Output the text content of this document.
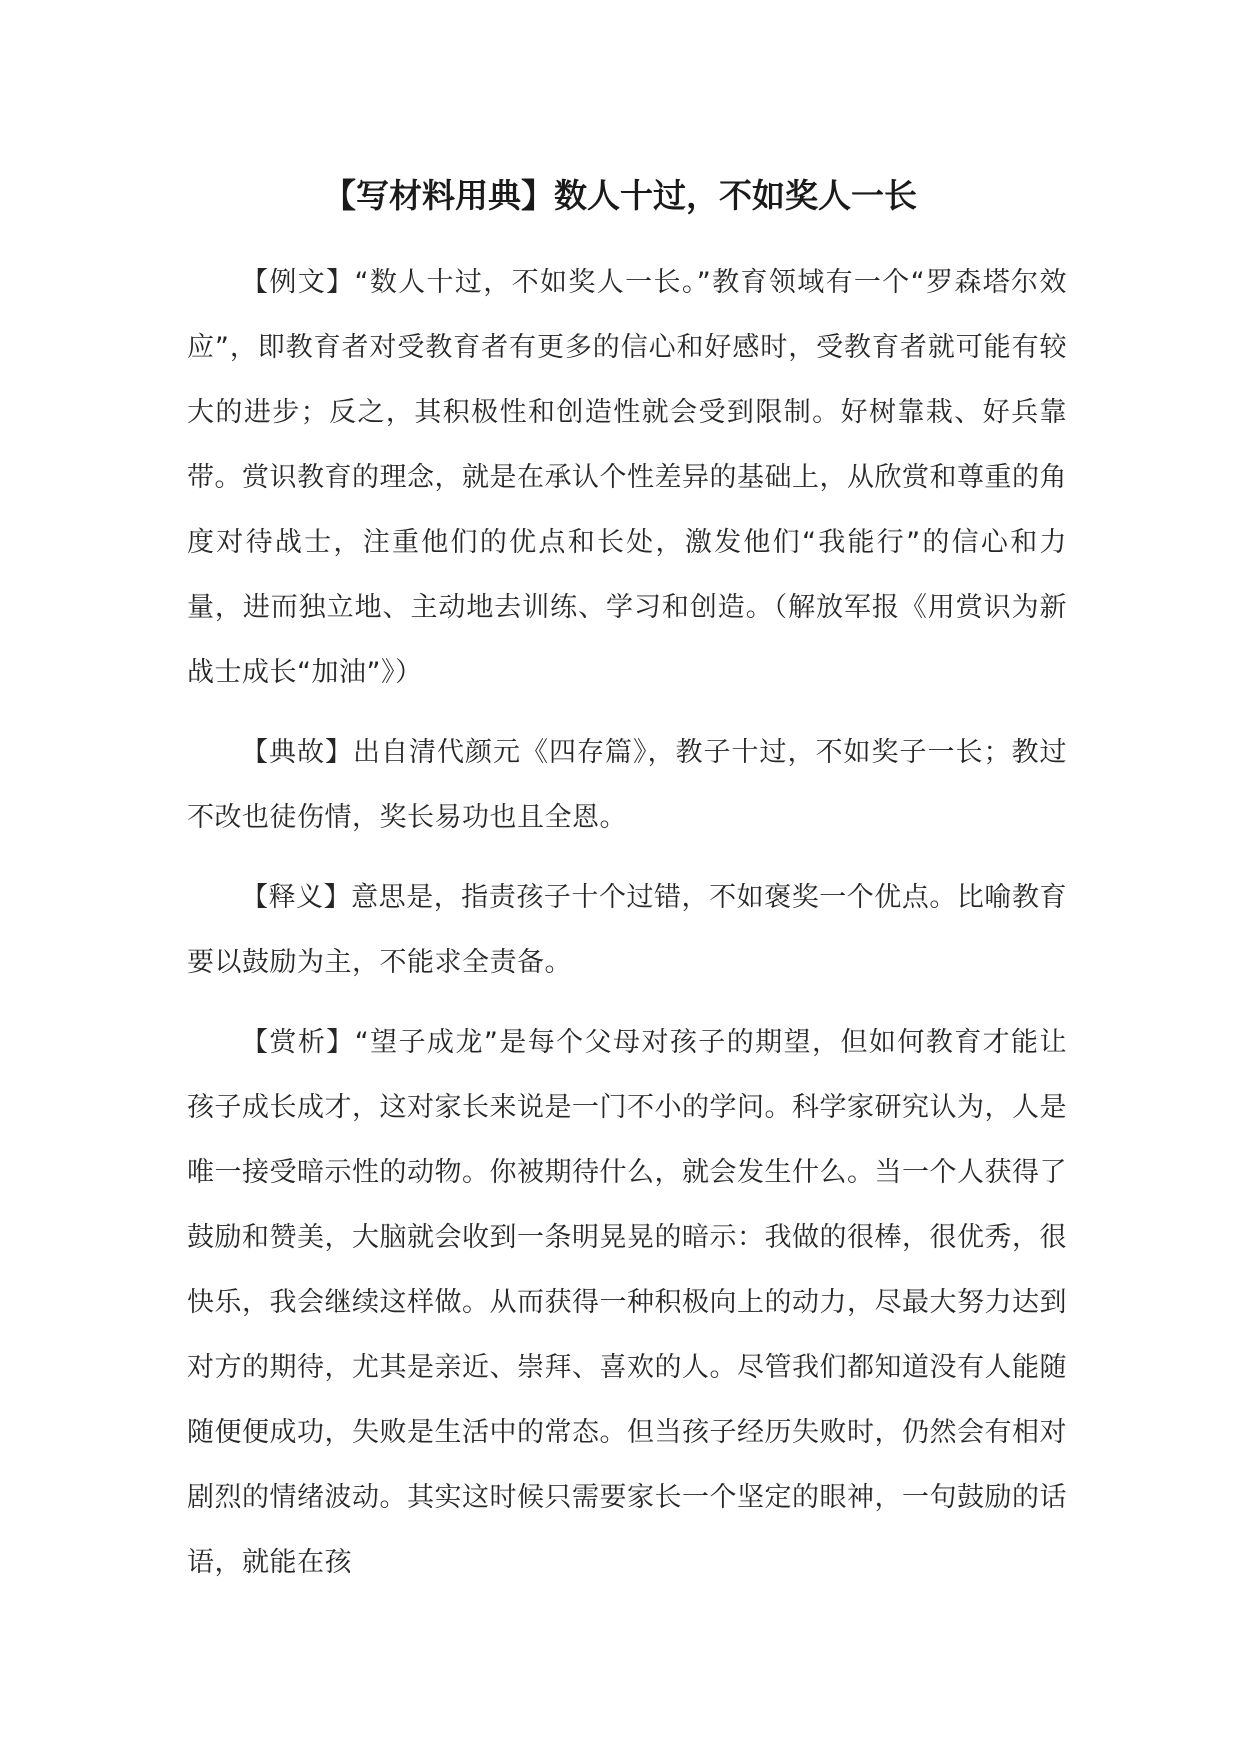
【写材料用典】数人十过，不如奖人一长

【例文】“数人十过，不如奖人一长。”教育领域有一个“罗森塔尔效应”，即教育者对受教育者有更多的信心和好感时，受教育者就可能有较大的进步；反之，其积极性和创造性就会受到限制。好树靠栽、好兵靠带。赏识教育的理念，就是在承认个性差异的基础上，从欣赏和尊重的角度对待战士，注重他们的优点和长处，激发他们“我能行”的信心和力量，进而独立地、主动地去训练、学习和创造。（解放军报《用赏识为新战士成长“加油”》）

【典故】出自清代颜元《四存篇》，教子十过，不如奖子一长；教过不改也徒伤情，奖长易功也且全恩。

【释义】意思是，指责孩子十个过错，不如褒奖一个优点。比喻教育要以鼓励为主，不能求全责备。

【赏析】“望子成龙”是每个父母对孩子的期望，但如何教育才能让孩子成长成才，这对家长来说是一门不小的学问。科学家研究认为，人是唯一接受暗示性的动物。你被期待什么，就会发生什么。当一个人获得了鼓励和赞美，大脑就会收到一条明晃晃的暗示：我做的很棒，很优秀，很快乐，我会继续这样做。从而获得一种积极向上的动力，尽最大努力达到对方的期待，尤其是亲近、崇拜、喜欢的人。尽管我们都知道没有人能随随便便成功，失败是生活中的常态。但当孩子经历失败时，仍然会有相对剧烈的情绪波动。其实这时候只需要家长一个坚定的眼神，一句鼓励的话语，就能在孩
